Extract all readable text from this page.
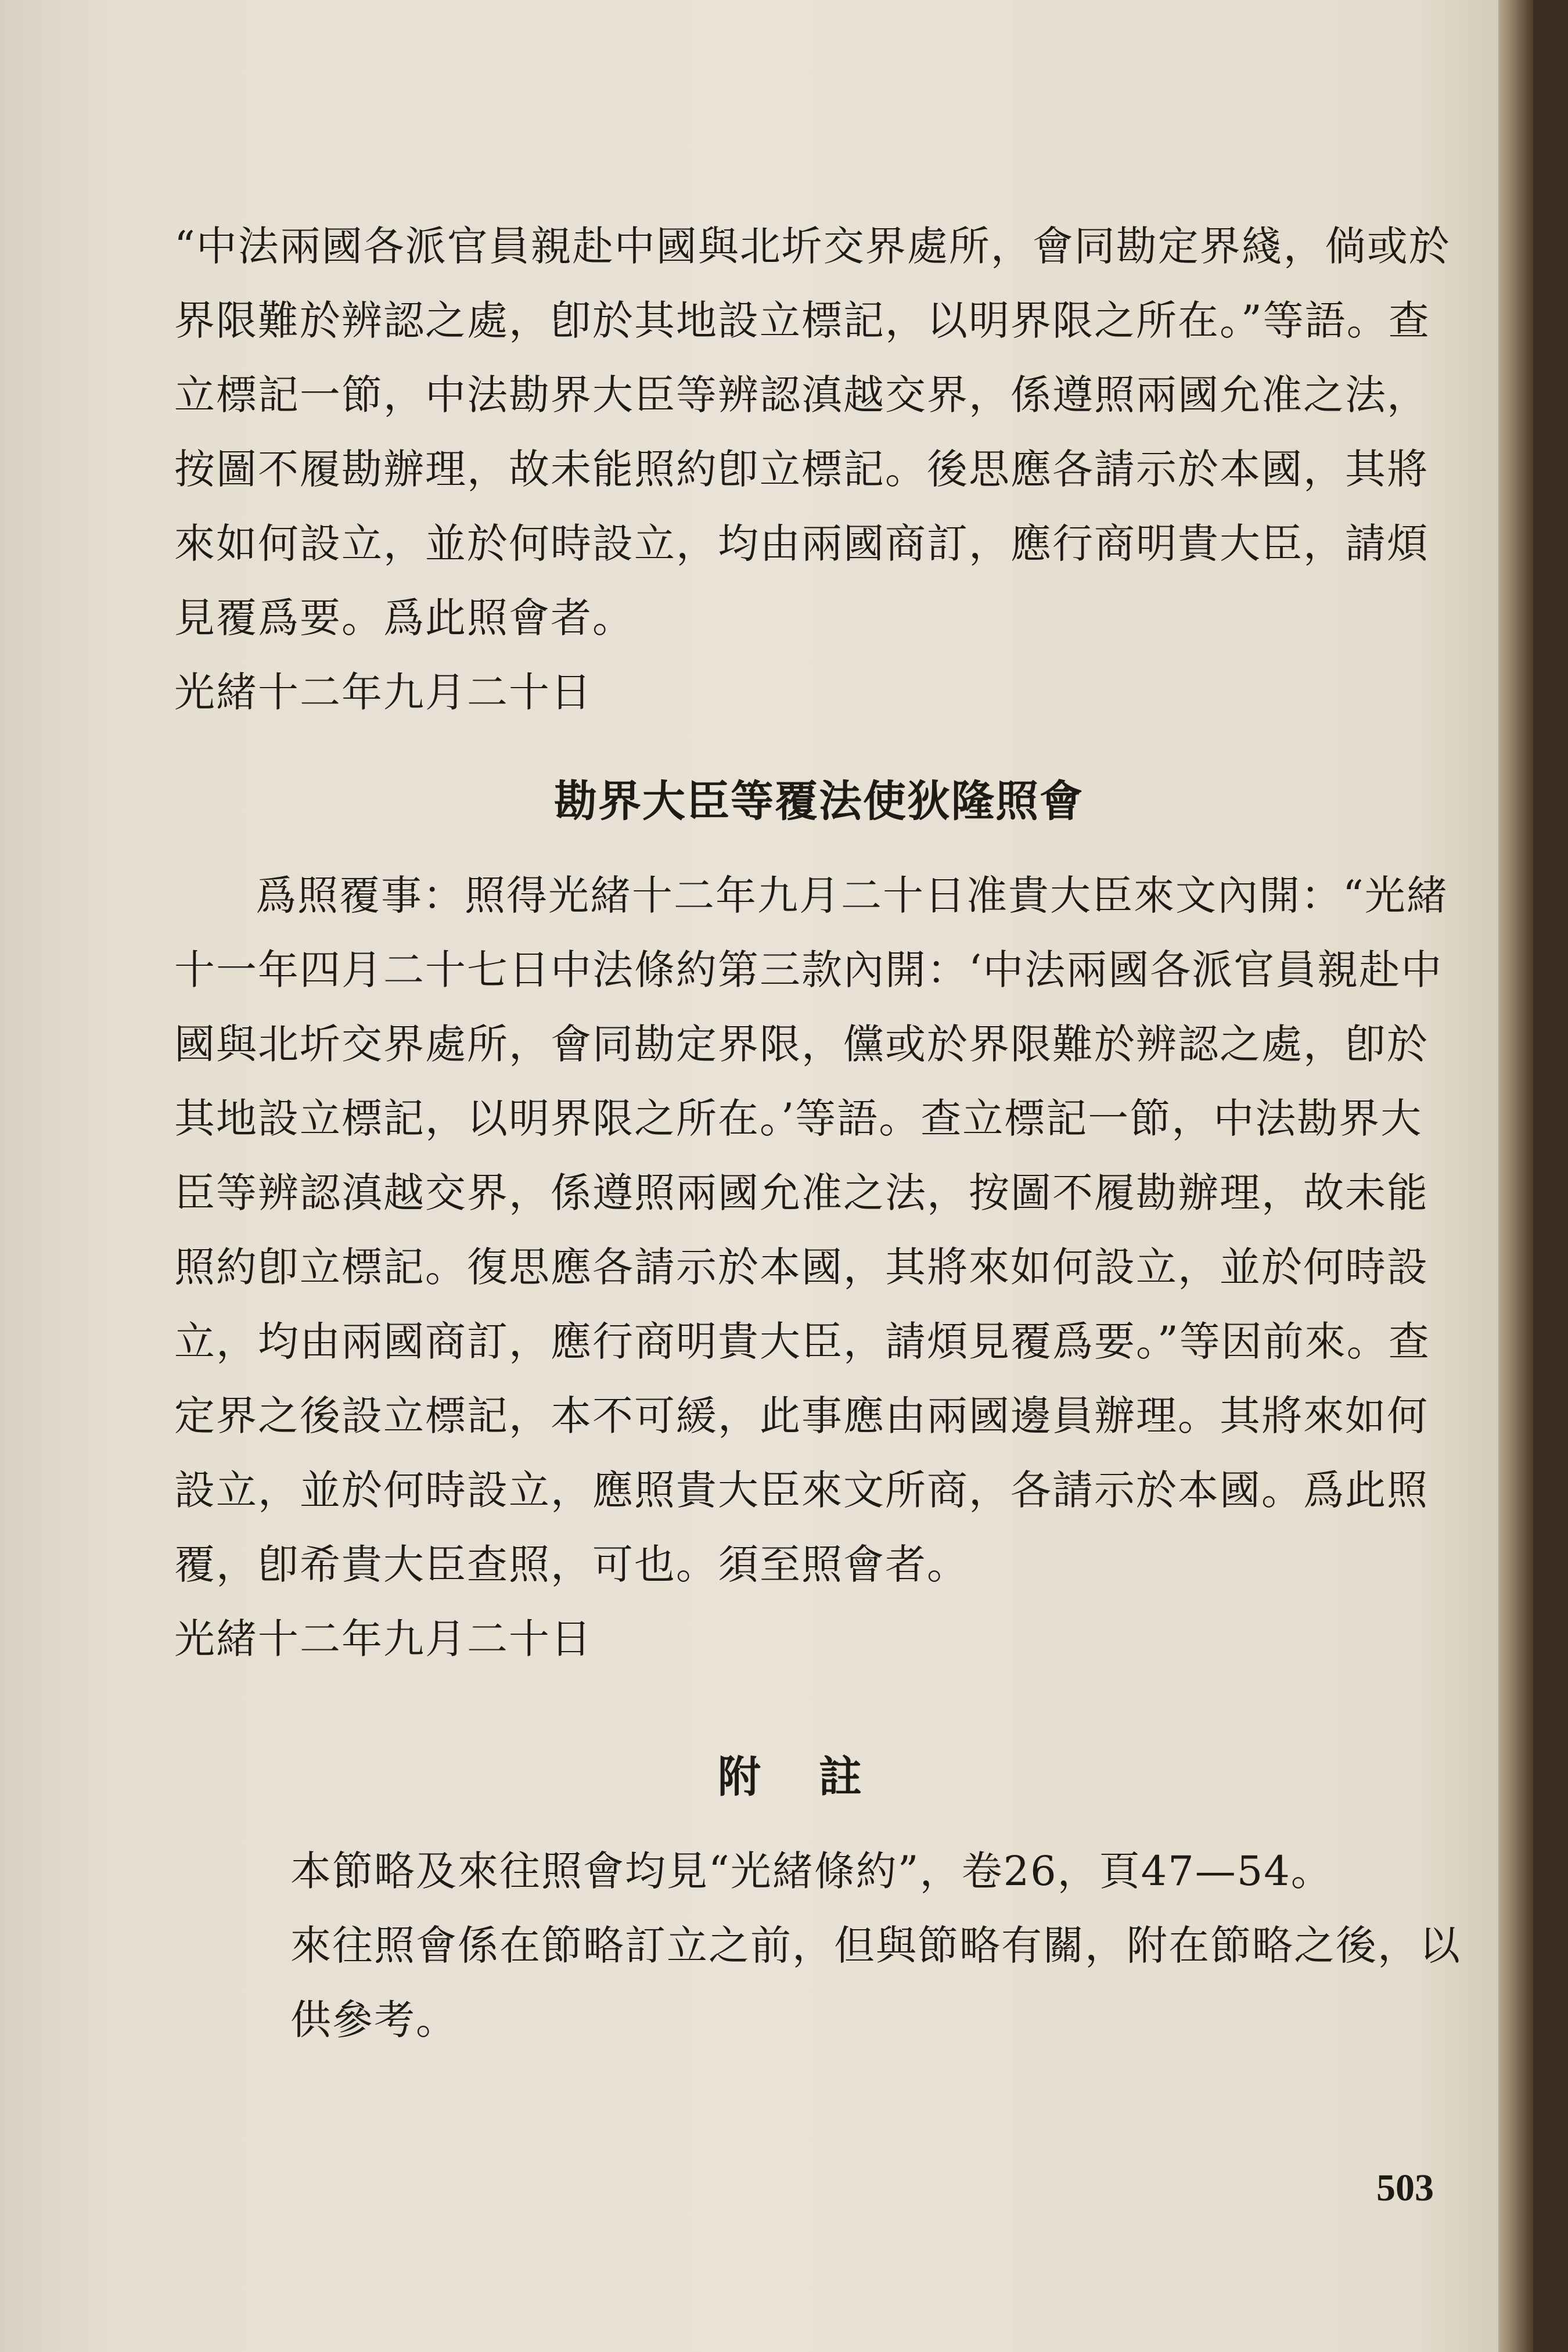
“中法兩國各派官員親赴中國與北圻交界處所，會同勘定界綫，倘或於界限難於辨認之處，卽於其地設立標記，以明界限之所在。”等語。查立標記一節，中法勘界大臣等辨認滇越交界，係遵照兩國允准之法，按圖不履勘辦理，故未能照約卽立標記。後思應各請示於本國，其將來如何設立，並於何時設立，均由兩國商訂，應行商明貴大臣，請煩見覆爲要。爲此照會者。

光緒十二年九月二十日

勘界大臣等覆法使狄隆照會

爲照覆事：照得光緒十二年九月二十日准貴大臣來文內開：“光緒十一年四月二十七日中法條約第三款內開：‘中法兩國各派官員親赴中國與北圻交界處所，會同勘定界限，儻或於界限難於辨認之處，卽於其地設立標記，以明界限之所在。’等語。查立標記一節，中法勘界大臣等辨認滇越交界，係遵照兩國允准之法，按圖不履勘辦理，故未能照約卽立標記。復思應各請示於本國，其將來如何設立，並於何時設立，均由兩國商訂，應行商明貴大臣，請煩見覆爲要。”等因前來。查定界之後設立標記，本不可緩，此事應由兩國邊員辦理。其將來如何設立，並於何時設立，應照貴大臣來文所商，各請示於本國。爲此照覆，卽希貴大臣查照，可也。須至照會者。

光緒十二年九月二十日

附註

本節略及來往照會均見“光緒條約”，卷26，頁47—54。

來往照會係在節略訂立之前，但與節略有關，附在節略之後，以供參考。

503
